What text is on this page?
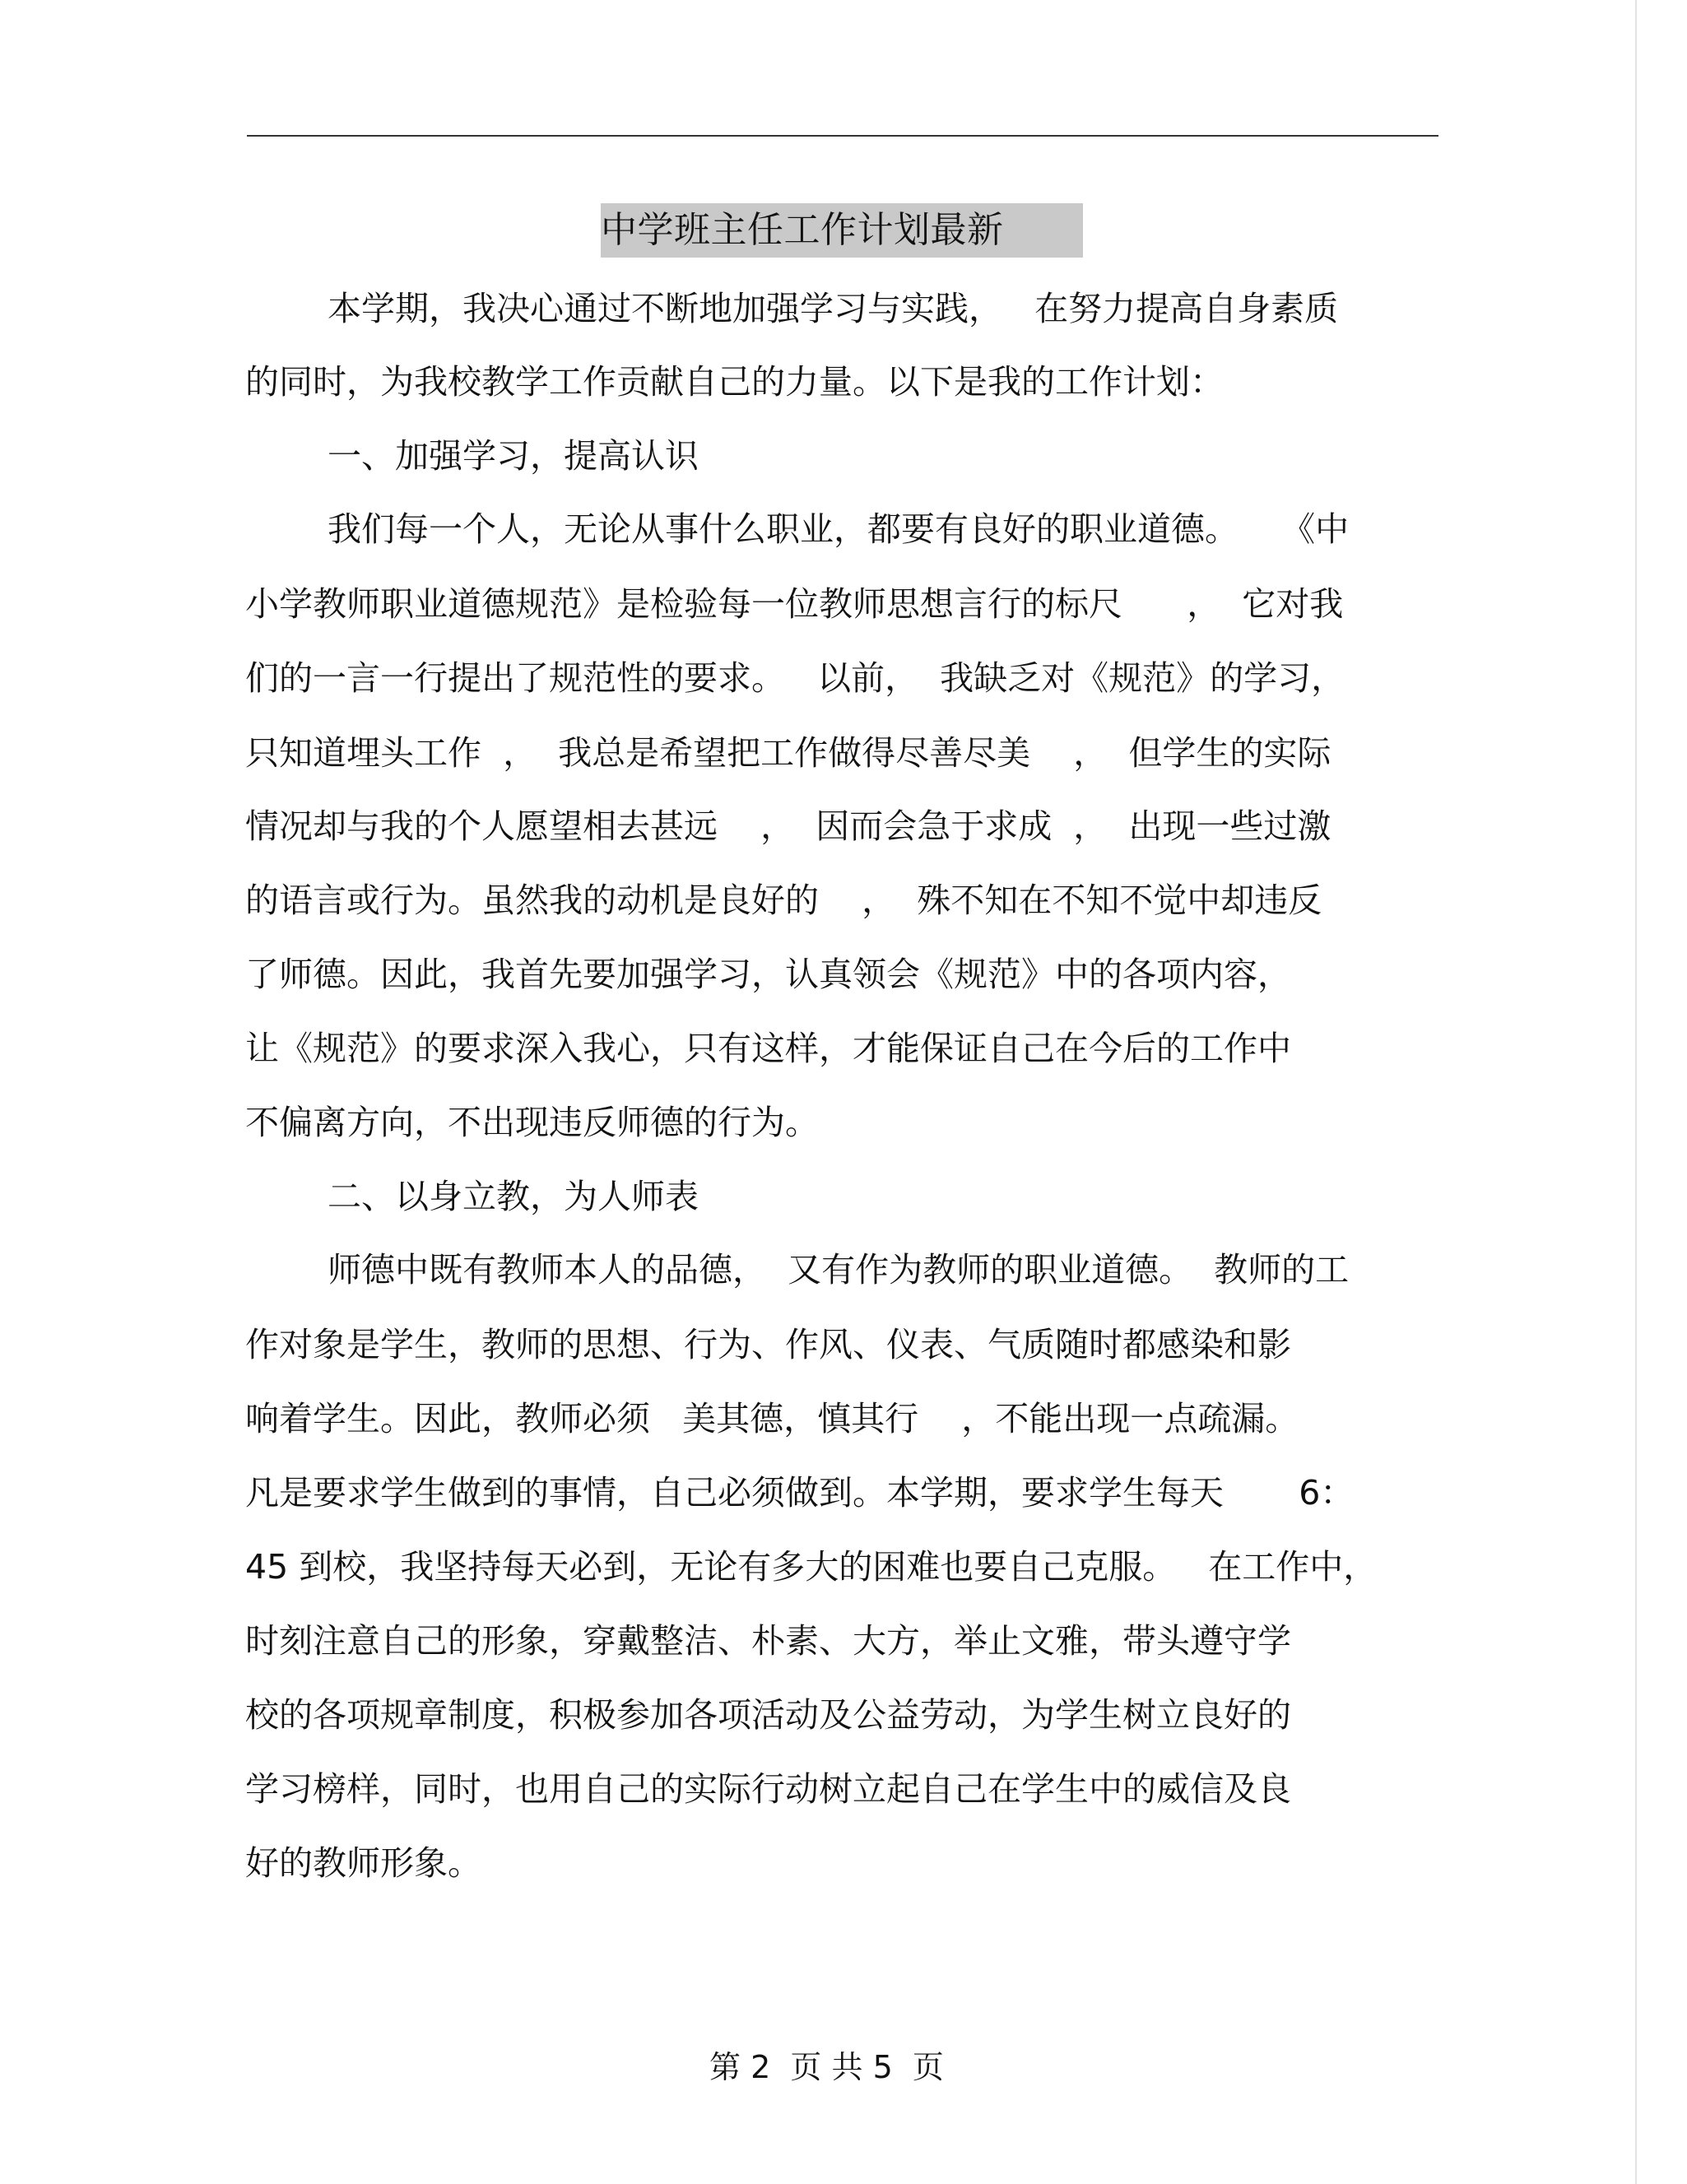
中学班主任工作计划最新
本学期，我决心通过不断地加强学习与实践，   在努力提高自身素质
的同时，为我校教学工作贡献自己的力量。以下是我的工作计划：
一、加强学习，提高认识
我们每一个人，无论从事什么职业，都要有良好的职业道德。    《中
小学教师职业道德规范》是检验每一位教师思想言行的标尺      ，  它对我
们的一言一行提出了规范性的要求。   以前，  我缺乏对《规范》的学习，
只知道埋头工作  ，  我总是希望把工作做得尽善尽美    ，  但学生的实际
情况却与我的个人愿望相去甚远    ，  因而会急于求成  ，  出现一些过激
的语言或行为。虽然我的动机是良好的    ，  殊不知在不知不觉中却违反
了师德。因此，我首先要加强学习，认真领会《规范》中的各项内容，
让《规范》的要求深入我心，只有这样，才能保证自己在今后的工作中
不偏离方向，不出现违反师德的行为。
二、以身立教，为人师表
师德中既有教师本人的品德，  又有作为教师的职业道德。  教师的工
作对象是学生，教师的思想、行为、作风、仪表、气质随时都感染和影
响着学生。因此，教师必须   美其德，慎其行    ，不能出现一点疏漏。
凡是要求学生做到的事情，自己必须做到。本学期，要求学生每天       6：
45 到校，我坚持每天必到，无论有多大的困难也要自己克服。   在工作中，
时刻注意自己的形象，穿戴整洁、朴素、大方，举止文雅，带头遵守学
校的各项规章制度，积极参加各项活动及公益劳动，为学生树立良好的
学习榜样，同时，也用自己的实际行动树立起自己在学生中的威信及良
好的教师形象。
第 2  页 共 5  页
